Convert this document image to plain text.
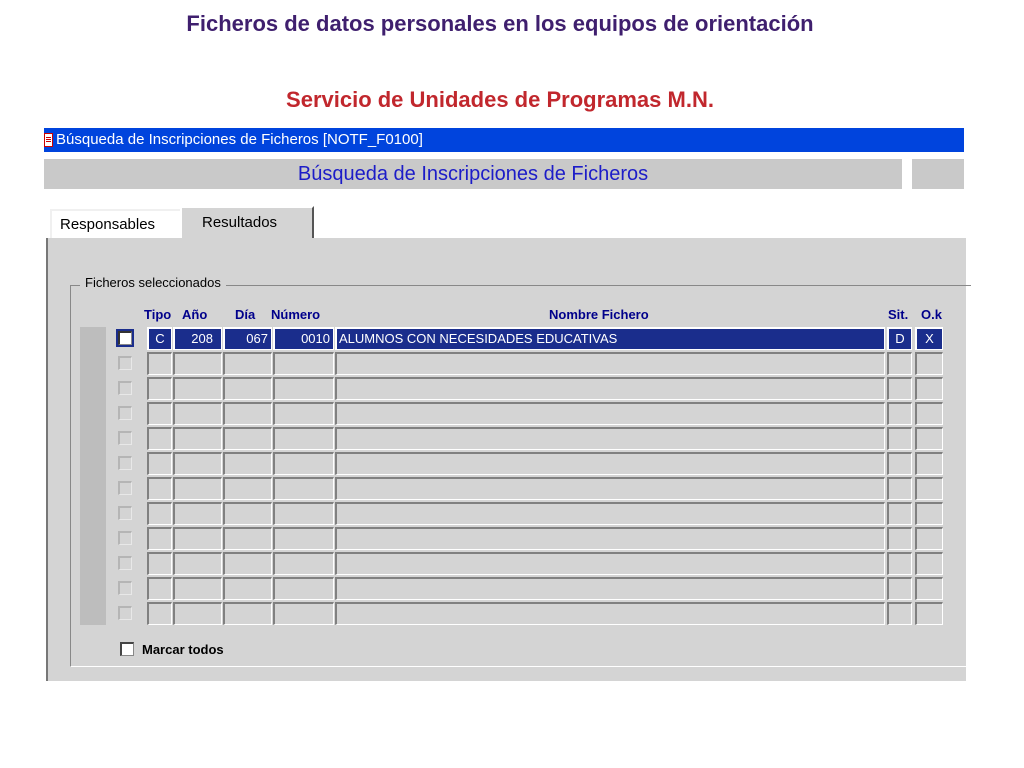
Ficheros de datos personales en los equipos de orientación
Servicio de Unidades de Programas M.N.
Búsqueda de Inscripciones de Ficheros [NOTF_F0100]
Búsqueda de Inscripciones de Ficheros
Responsables	Resultados
Ficheros seleccionados
Tipo Año Día Número	Nombre Fichero	Sit. O.k
C	208	067	0010 ALUMNOS CON NECESIDADES EDUCATIVAS	D	X
Marcar todos
